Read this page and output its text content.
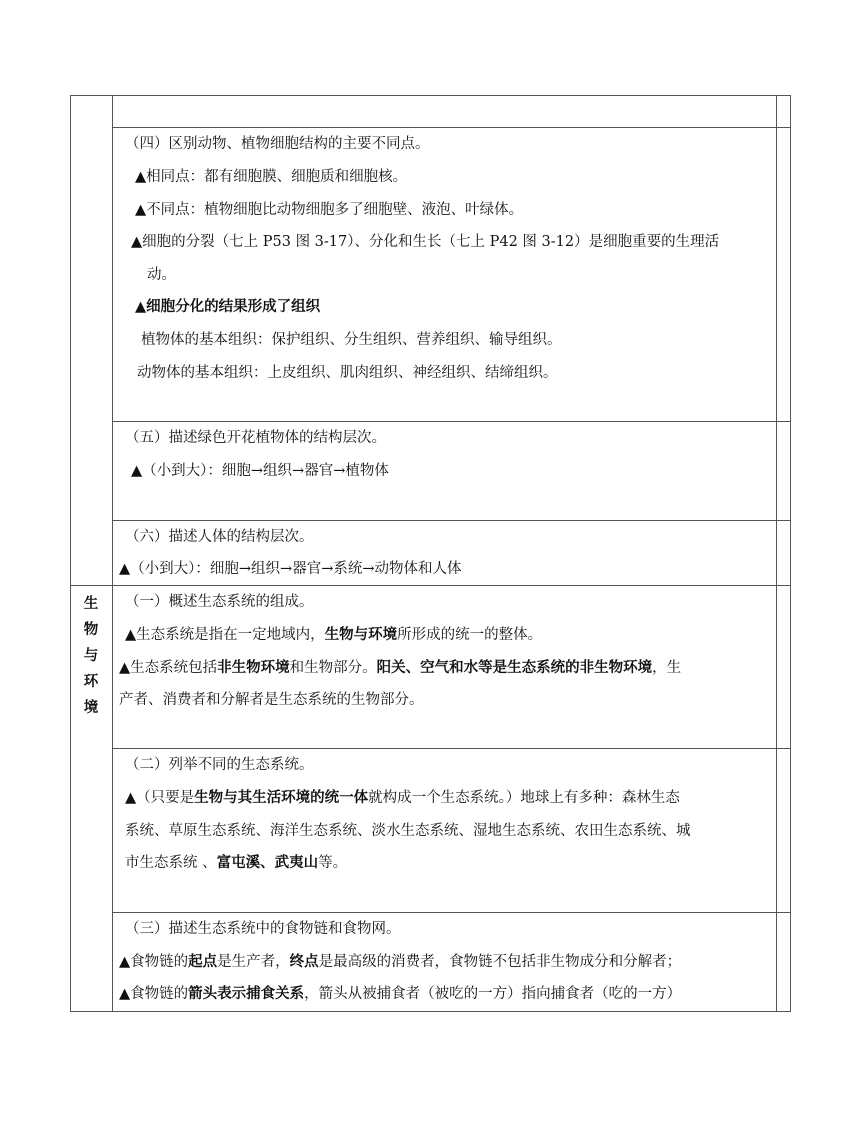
生
物
与
环
境
（四）区别动物、植物细胞结构的主要不同点。
▲相同点：都有细胞膜、细胞质和细胞核。
▲不同点：植物细胞比动物细胞多了细胞壁、液泡、叶绿体。
▲细胞的分裂（七上 P53 图 3-17）、分化和生长（七上 P42 图 3-12）是细胞重要的生理活
动。
▲细胞分化的结果形成了组织
植物体的基本组织：保护组织、分生组织、营养组织、输导组织。
动物体的基本组织：上皮组织、肌肉组织、神经组织、结缔组织。
（五）描述绿色开花植物体的结构层次。
▲（小到大）：细胞→组织→器官→植物体
（六）描述人体的结构层次。
▲（小到大）：细胞→组织→器官→系统→动物体和人体
（一）概述生态系统的组成。
▲生态系统是指在一定地域内，生物与环境所形成的统一的整体。
▲生态系统包括非生物环境和生物部分。阳关、空气和水等是生态系统的非生物环境，生
产者、消费者和分解者是生态系统的生物部分。
（二）列举不同的生态系统。
▲（只要是生物与其生活环境的统一体就构成一个生态系统。）地球上有多种：森林生态
系统、草原生态系统、海洋生态系统、淡水生态系统、湿地生态系统、农田生态系统、城
市生态系统 、富屯溪、武夷山等。
（三）描述生态系统中的食物链和食物网。
▲食物链的起点是生产者，终点是最高级的消费者，食物链不包括非生物成分和分解者；
▲食物链的箭头表示捕食关系，箭头从被捕食者（被吃的一方）指向捕食者（吃的一方）
